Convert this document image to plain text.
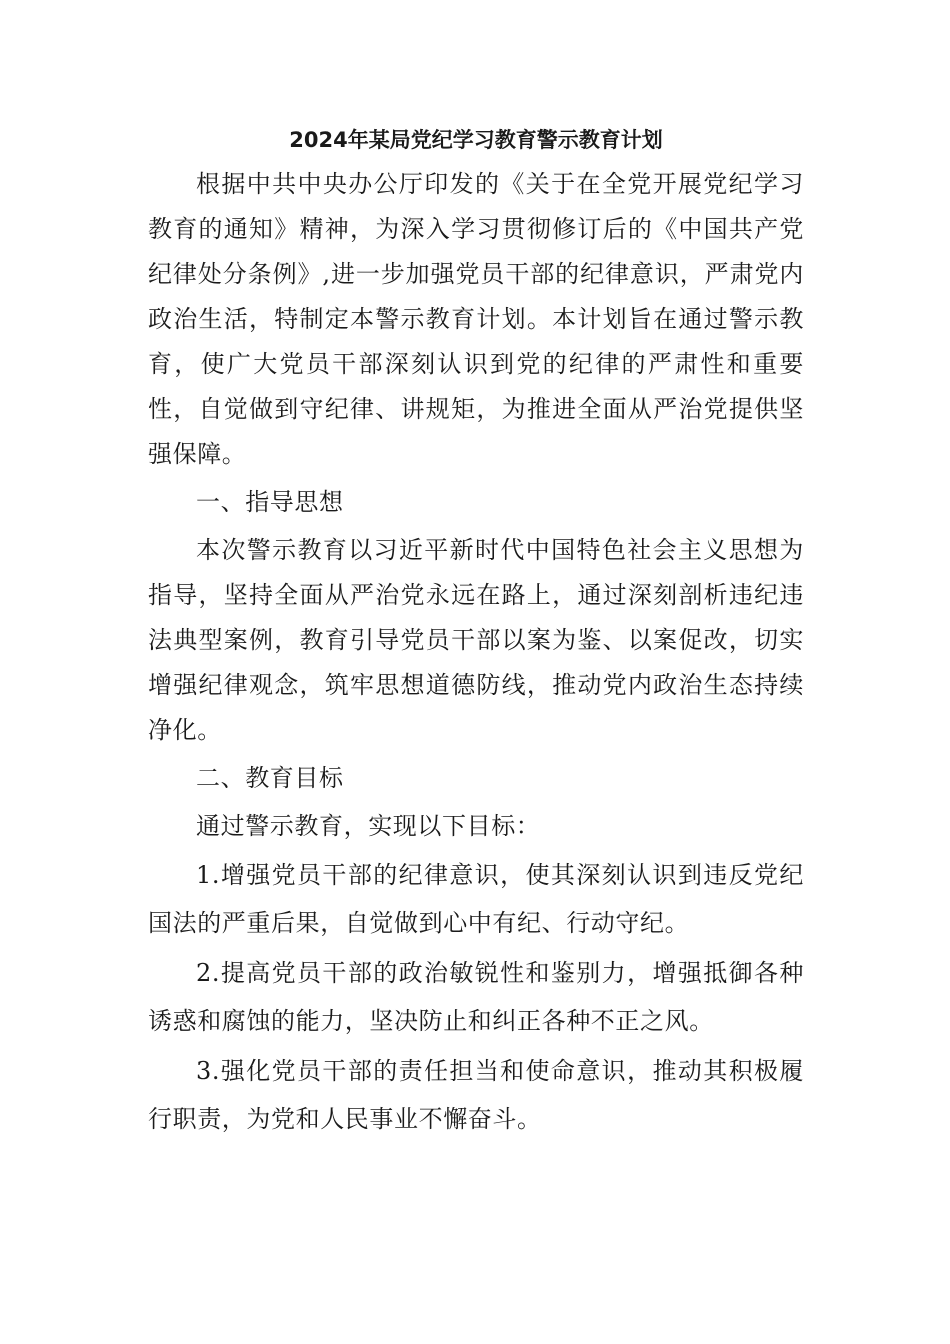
2024年某局党纪学习教育警示教育计划

根据中共中央办公厅印发的《关于在全党开展党纪学习教育的通知》精神，为深入学习贯彻修订后的《中国共产党纪律处分条例》,进一步加强党员干部的纪律意识，严肃党内政治生活，特制定本警示教育计划。本计划旨在通过警示教育，使广大党员干部深刻认识到党的纪律的严肃性和重要性，自觉做到守纪律、讲规矩，为推进全面从严治党提供坚强保障。

一、指导思想

本次警示教育以习近平新时代中国特色社会主义思想为指导，坚持全面从严治党永远在路上，通过深刻剖析违纪违法典型案例，教育引导党员干部以案为鉴、以案促改，切实增强纪律观念，筑牢思想道德防线，推动党内政治生态持续净化。

二、教育目标

通过警示教育，实现以下目标：

1.增强党员干部的纪律意识，使其深刻认识到违反党纪国法的严重后果，自觉做到心中有纪、行动守纪。

2.提高党员干部的政治敏锐性和鉴别力，增强抵御各种诱惑和腐蚀的能力，坚决防止和纠正各种不正之风。

3.强化党员干部的责任担当和使命意识，推动其积极履行职责，为党和人民事业不懈奋斗。
